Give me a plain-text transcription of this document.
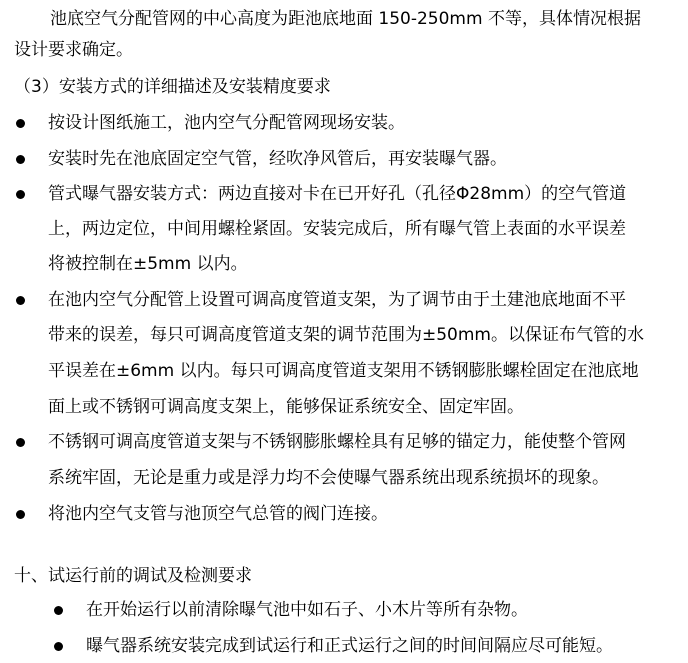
池底空气分配管网的中心高度为距池底地面 150-250mm 不等，具体情况根据
设计要求确定。
（3）安装方式的详细描述及安装精度要求
按设计图纸施工，池内空气分配管网现场安装。
安装时先在池底固定空气管，经吹净风管后，再安装曝气器。
管式曝气器安装方式：两边直接对卡在已开好孔（孔径Φ28mm）的空气管道
上，两边定位，中间用螺栓紧固。安装完成后，所有曝气管上表面的水平误差
将被控制在±5mm 以内。
在池内空气分配管上设置可调高度管道支架，为了调节由于土建池底地面不平
带来的误差，每只可调高度管道支架的调节范围为±50mm。以保证布气管的水
平误差在±6mm 以内。每只可调高度管道支架用不锈钢膨胀螺栓固定在池底地
面上或不锈钢可调高度支架上，能够保证系统安全、固定牢固。
不锈钢可调高度管道支架与不锈钢膨胀螺栓具有足够的锚定力，能使整个管网
系统牢固，无论是重力或是浮力均不会使曝气器系统出现系统损坏的现象。
将池内空气支管与池顶空气总管的阀门连接。
十、试运行前的调试及检测要求
在开始运行以前清除曝气池中如石子、小木片等所有杂物。
曝气器系统安装完成到试运行和正式运行之间的时间间隔应尽可能短。
